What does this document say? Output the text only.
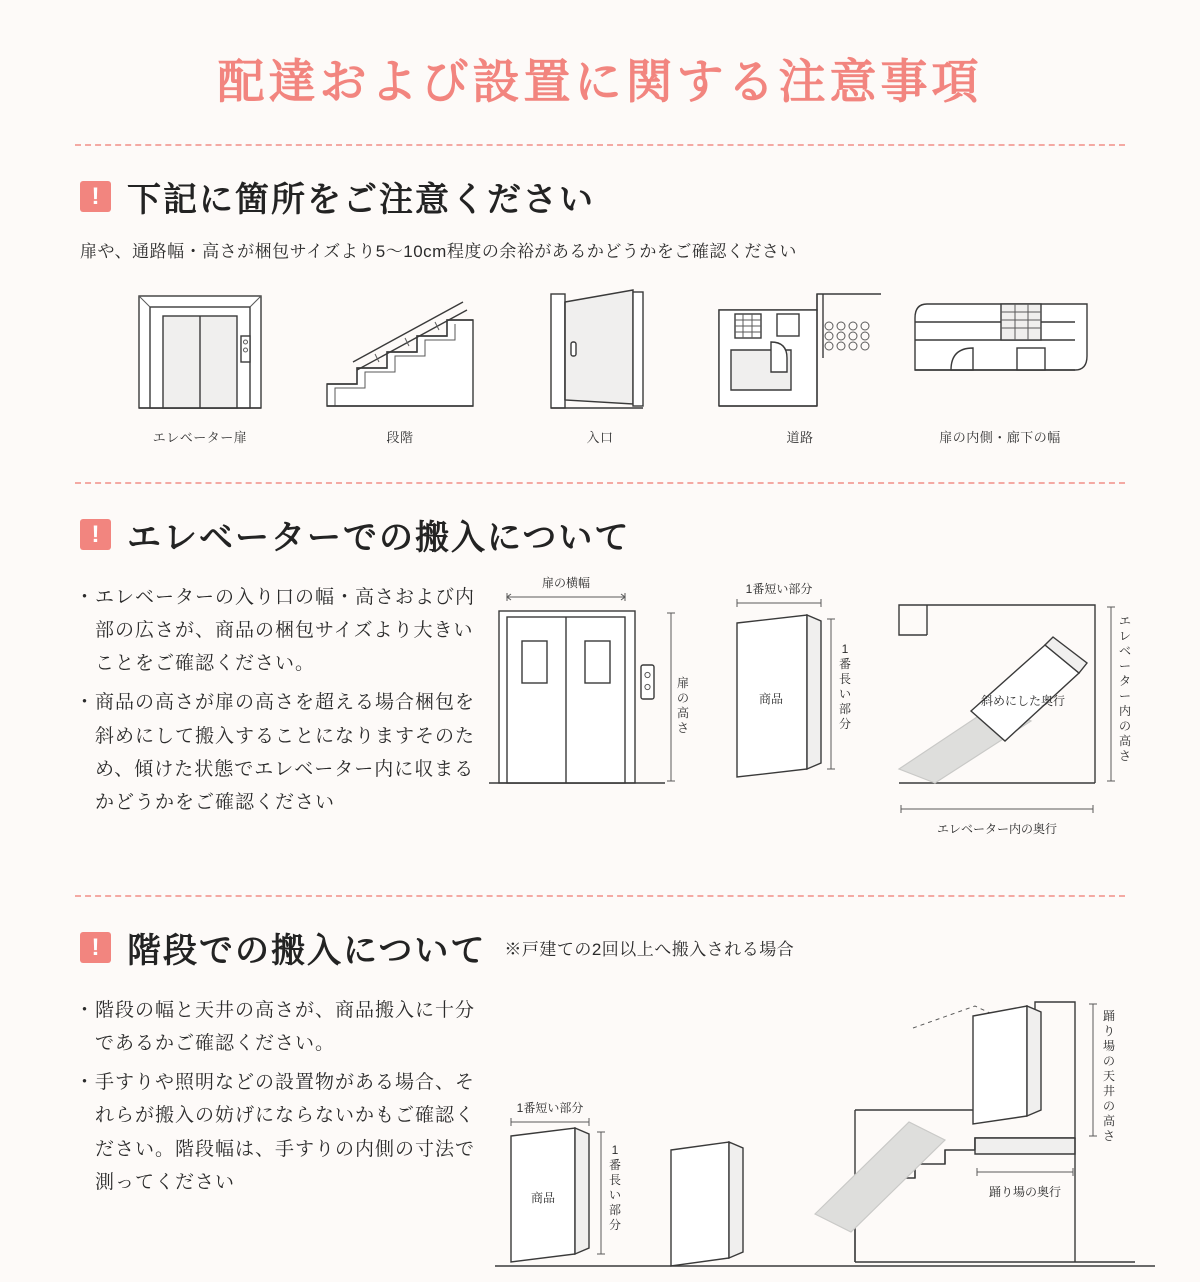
配達および設置に関する注意事項
! 下記に箇所をご注意ください
扉や、通路幅・高さが梱包サイズより5〜10cm程度の余裕があるかどうかをご確認ください
エレベーター扉	段階	入口	道路	扉の内側・廊下の幅
! エレベーターでの搬入について
・ エレベーターの入り口の幅・高さおよび内部の広さが、商品の梱包サイズより大きいことをご確認ください。
・ 商品の高さが扉の高さを超える場合梱包を斜めにして搬入することになりますそのため、傾けた状態でエレベーター内に収まるかどうかをご確認ください
扉の横幅
扉
の
高
さ
1番短い部分
商品
1
番
長
い
部
分
斜めにした奥行
エ
レ
ベ
ー
タ
ー
内
の
高
さ
エレベーター内の奥行
! 階段での搬入について ※戸建ての2回以上へ搬入される場合
・ 階段の幅と天井の高さが、商品搬入に十分であるかご確認ください。
・ 手すりや照明などの設置物がある場合、それらが搬入の妨げにならないかもご確認ください。階段幅は、手すりの内側の寸法で測ってください
1番短い部分
商品
1
番
長
い
部
分
踊
り
場
の
天
井
の
高
さ
踊り場の奥行
